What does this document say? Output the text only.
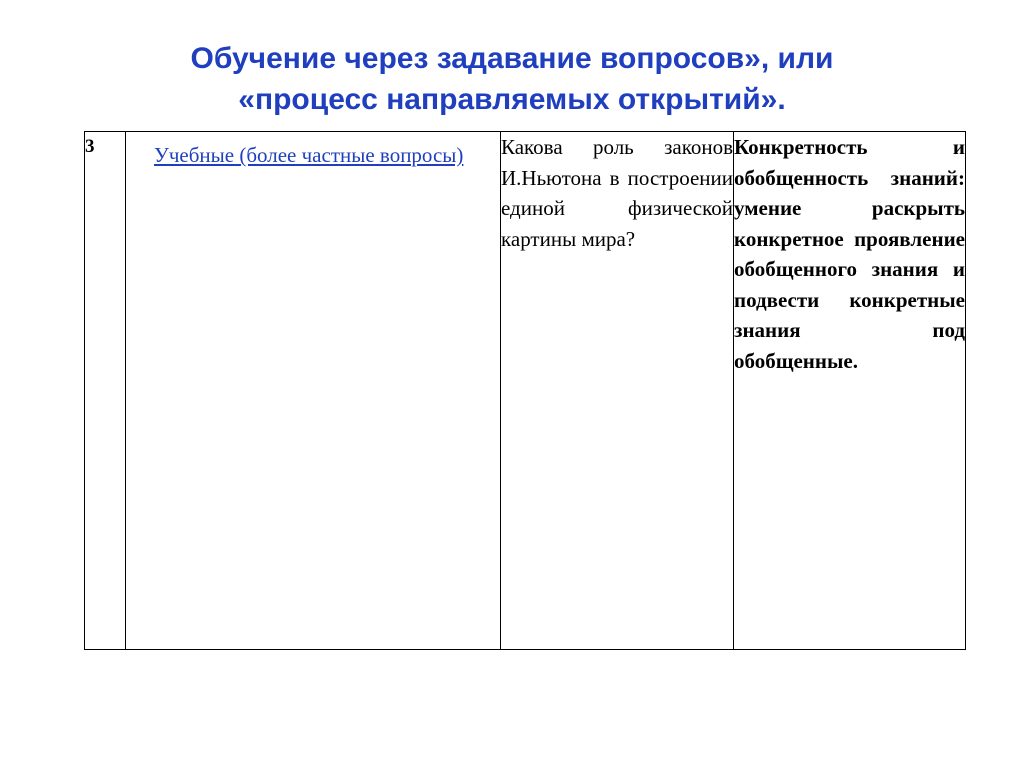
Обучение через задавание вопросов», или
«процесс направляемых открытий».
3	Учебные (более частные вопросы)	Какова роль законов И.Ньютона в построении единой физической картины мира?	Конкретность и обобщенность знаний: умение раскрыть конкретное проявление обобщенного знания и подвести конкретные знания под обобщенные.
